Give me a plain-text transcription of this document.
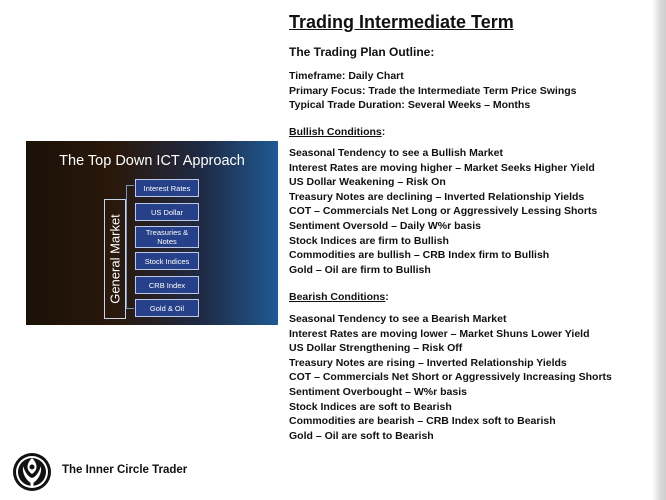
Trading Intermediate Term
The Trading Plan Outline:
Timeframe: Daily Chart
Primary Focus: Trade the Intermediate Term Price Swings
Typical Trade Duration: Several Weeks – Months
Bullish Conditions:
Seasonal Tendency to see a Bullish Market
Interest Rates are moving higher – Market Seeks Higher Yield
US Dollar Weakening – Risk On
Treasury Notes are declining – Inverted Relationship Yields
COT – Commercials Net Long or Aggressively Lessing Shorts
Sentiment Oversold – Daily W%r basis
Stock Indices are firm to Bullish
Commodities are bullish – CRB Index firm to Bullish
Gold – Oil are firm to Bullish
Bearish Conditions:
Seasonal Tendency to see a Bearish Market
Interest Rates are moving lower – Market Shuns Lower Yield
US Dollar Strengthening – Risk Off
Treasury Notes are rising – Inverted Relationship Yields
COT – Commercials Net Short or Aggressively Increasing Shorts
Sentiment Overbought – W%r basis
Stock Indices are soft to Bearish
Commodities are bearish – CRB Index soft to Bearish
Gold – Oil are soft to Bearish
The Top Down ICT Approach
General Market
Interest Rates
US Dollar
Treasuries & Notes
Stock Indices
CRB Index
Gold & Oil
The Inner Circle Trader
